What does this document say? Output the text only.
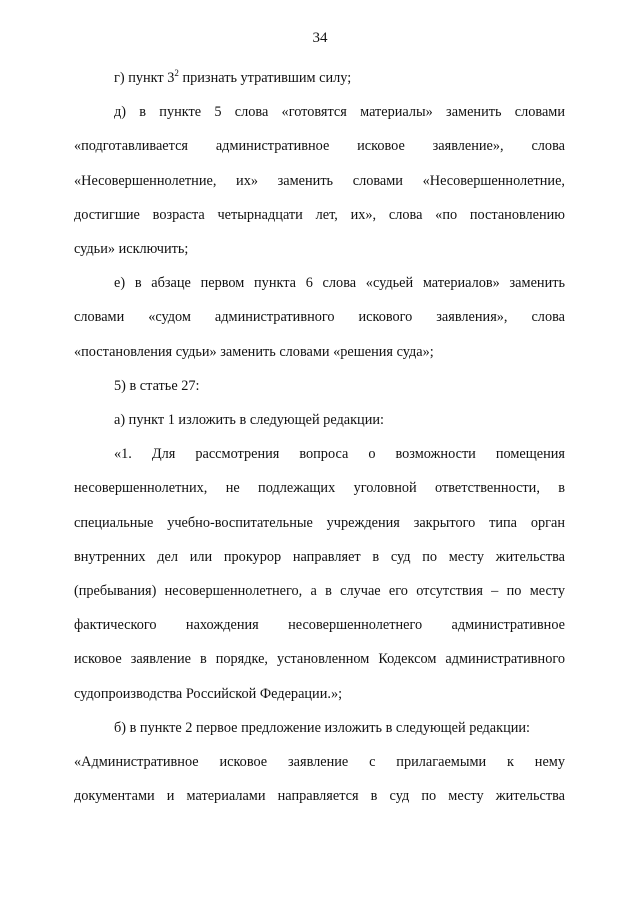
34
г) пункт $3^2$ признать утратившим силу;
д) в пункте 5 слова «готовятся материалы» заменить словами
«подготавливается административное исковое заявление», слова
«Несовершеннолетние, их» заменить словами «Несовершеннолетние,
достигшие возраста четырнадцати лет, их», слова «по постановлению
судьи» исключить;
е) в абзаце первом пункта 6 слова «судьей материалов» заменить
словами «судом административного искового заявления», слова
«постановления судьи» заменить словами «решения суда»;
5) в статье 27:
а) пункт 1 изложить в следующей редакции:
«1. Для рассмотрения вопроса о возможности помещения
несовершеннолетних, не подлежащих уголовной ответственности, в
специальные учебно-воспитательные учреждения закрытого типа орган
внутренних дел или прокурор направляет в суд по месту жительства
(пребывания) несовершеннолетнего, а в случае его отсутствия – по месту
фактического нахождения несовершеннолетнего административное
исковое заявление в порядке, установленном Кодексом административного
судопроизводства Российской Федерации.»;
б) в пункте 2 первое предложение изложить в следующей редакции:
«Административное исковое заявление с прилагаемыми к нему
документами и материалами направляется в суд по месту жительства
